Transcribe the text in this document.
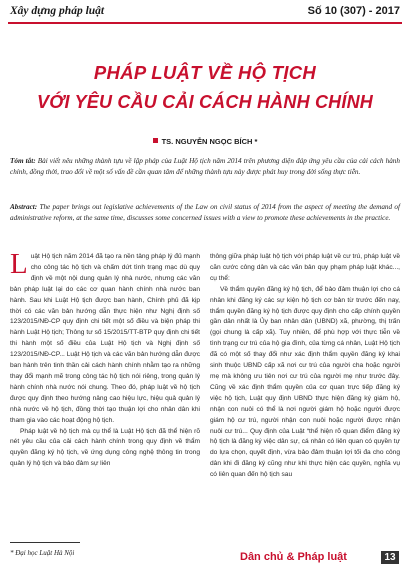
Xây dựng pháp luật	Số 10 (307) - 2017
PHÁP LUẬT VỀ HỘ TỊCH
VỚI YÊU CẦU CẢI CÁCH HÀNH CHÍNH
TS. NGUYỄN NGỌC BÍCH *
Tóm tắt: Bài viết nêu những thành tựu về lập pháp của Luật Hộ tịch năm 2014 trên phương diện đáp ứng yêu cầu của cải cách hành chính, đồng thời, trao đổi về một số vấn đề cần quan tâm để những thành tựu này được phát huy trong đời sống thực tiễn.
Abstract: The paper brings out legislative achievements of the Law on civil status of 2014 from the aspect of meeting the demand of administrative reform, at the same time, discusses some concerned issues with a view to promote these achievements in the practice.

Luật Hộ tịch năm 2014 đã tạo ra nền tảng pháp lý đủ mạnh cho công tác hộ tịch và chấm dứt tình trạng mạc dù quy định về một nội dung quản lý nhà nước, nhưng các văn bản pháp luật lại do các cơ quan hành chính nhà nước ban hành. Sau khi Luật Hộ tịch được ban hành, Chính phủ đã kịp thời có các văn bản hướng dẫn thực hiện như Nghị định số 123/2015/NĐ-CP quy định chi tiết một số điều và biện pháp thi hành Luật Hộ tịch; Thông tư số 15/2015/TT-BTP quy định chi tiết thi hành một số điều của Luật Hộ tịch và Nghị định số 123/2015/NĐ-CP... Luật Hộ tịch và các văn bản hướng dẫn được ban hành trên tinh thần cải cách hành chính nhằm tạo ra những thay đổi mạnh mẽ trong công tác hộ tịch nói riêng, trong quản lý hành chính nhà nước nói chung. Theo đó, pháp luật về hộ tịch được quy định theo hướng nâng cao hiệu lực, hiệu quả quản lý nhà nước về hộ tịch, đồng thời tạo thuận lợi cho nhân dân khi tham gia vào các hoạt động hộ tịch.

Pháp luật về hộ tịch mà cụ thể là Luật Hộ tịch đã thể hiện rõ nét yêu cầu của cải cách hành chính trong quy định về thẩm quyền đăng ký hộ tịch, về ứng dụng công nghệ thông tin trong quản lý hộ tịch và bảo đảm sự liên

thông giữa pháp luật hộ tịch với pháp luật về cư trú, pháp luật về căn cước công dân và các văn bản quy phạm pháp luật khác..., cụ thể:

Về thẩm quyền đăng ký hộ tịch, để bảo đảm thuận lợi cho cá nhân khi đăng ký các sự kiện hộ tịch cơ bản từ trước đến nay, thẩm quyền đăng ký hộ tịch được quy định cho cấp chính quyền gần dân nhất là Ủy ban nhân dân (UBND) xã, phường, thị trấn (gọi chung là cấp xã). Tuy nhiên, để phù hợp với thực tiễn về tình trạng cư trú của hộ gia đình, của từng cá nhân, Luật Hộ tịch đã có một số thay đổi như xác định thẩm quyền đăng ký khai sinh thuộc UBND cấp xã nơi cư trú của người cha hoặc người mẹ mà không ưu tiên nơi cư trú của người mẹ như trước đây. Cũng về xác định thẩm quyền của cơ quan trực tiếp đăng ký việc hộ tịch, Luật quy định UBND thực hiện đăng ký giám hộ, nhận con nuôi có thể là nơi người giám hộ hoặc người được giám hộ cư trú, người nhận con nuôi hoặc người được nhận nuôi cư trú... Quy định của Luật “thể hiện rõ quan điểm đăng ký hộ tịch là đăng ký việc dân sự, cá nhân có liên quan có quyền tự do lựa chọn, quyết định, vừa bảo đảm thuận lợi tối đa cho công dân khi đi đăng ký cũng như khi thực hiện các quyền, nghĩa vụ có liên quan đến hộ tịch sau

* Đại học Luật Hà Nội	Dân chủ & Pháp luật	13
